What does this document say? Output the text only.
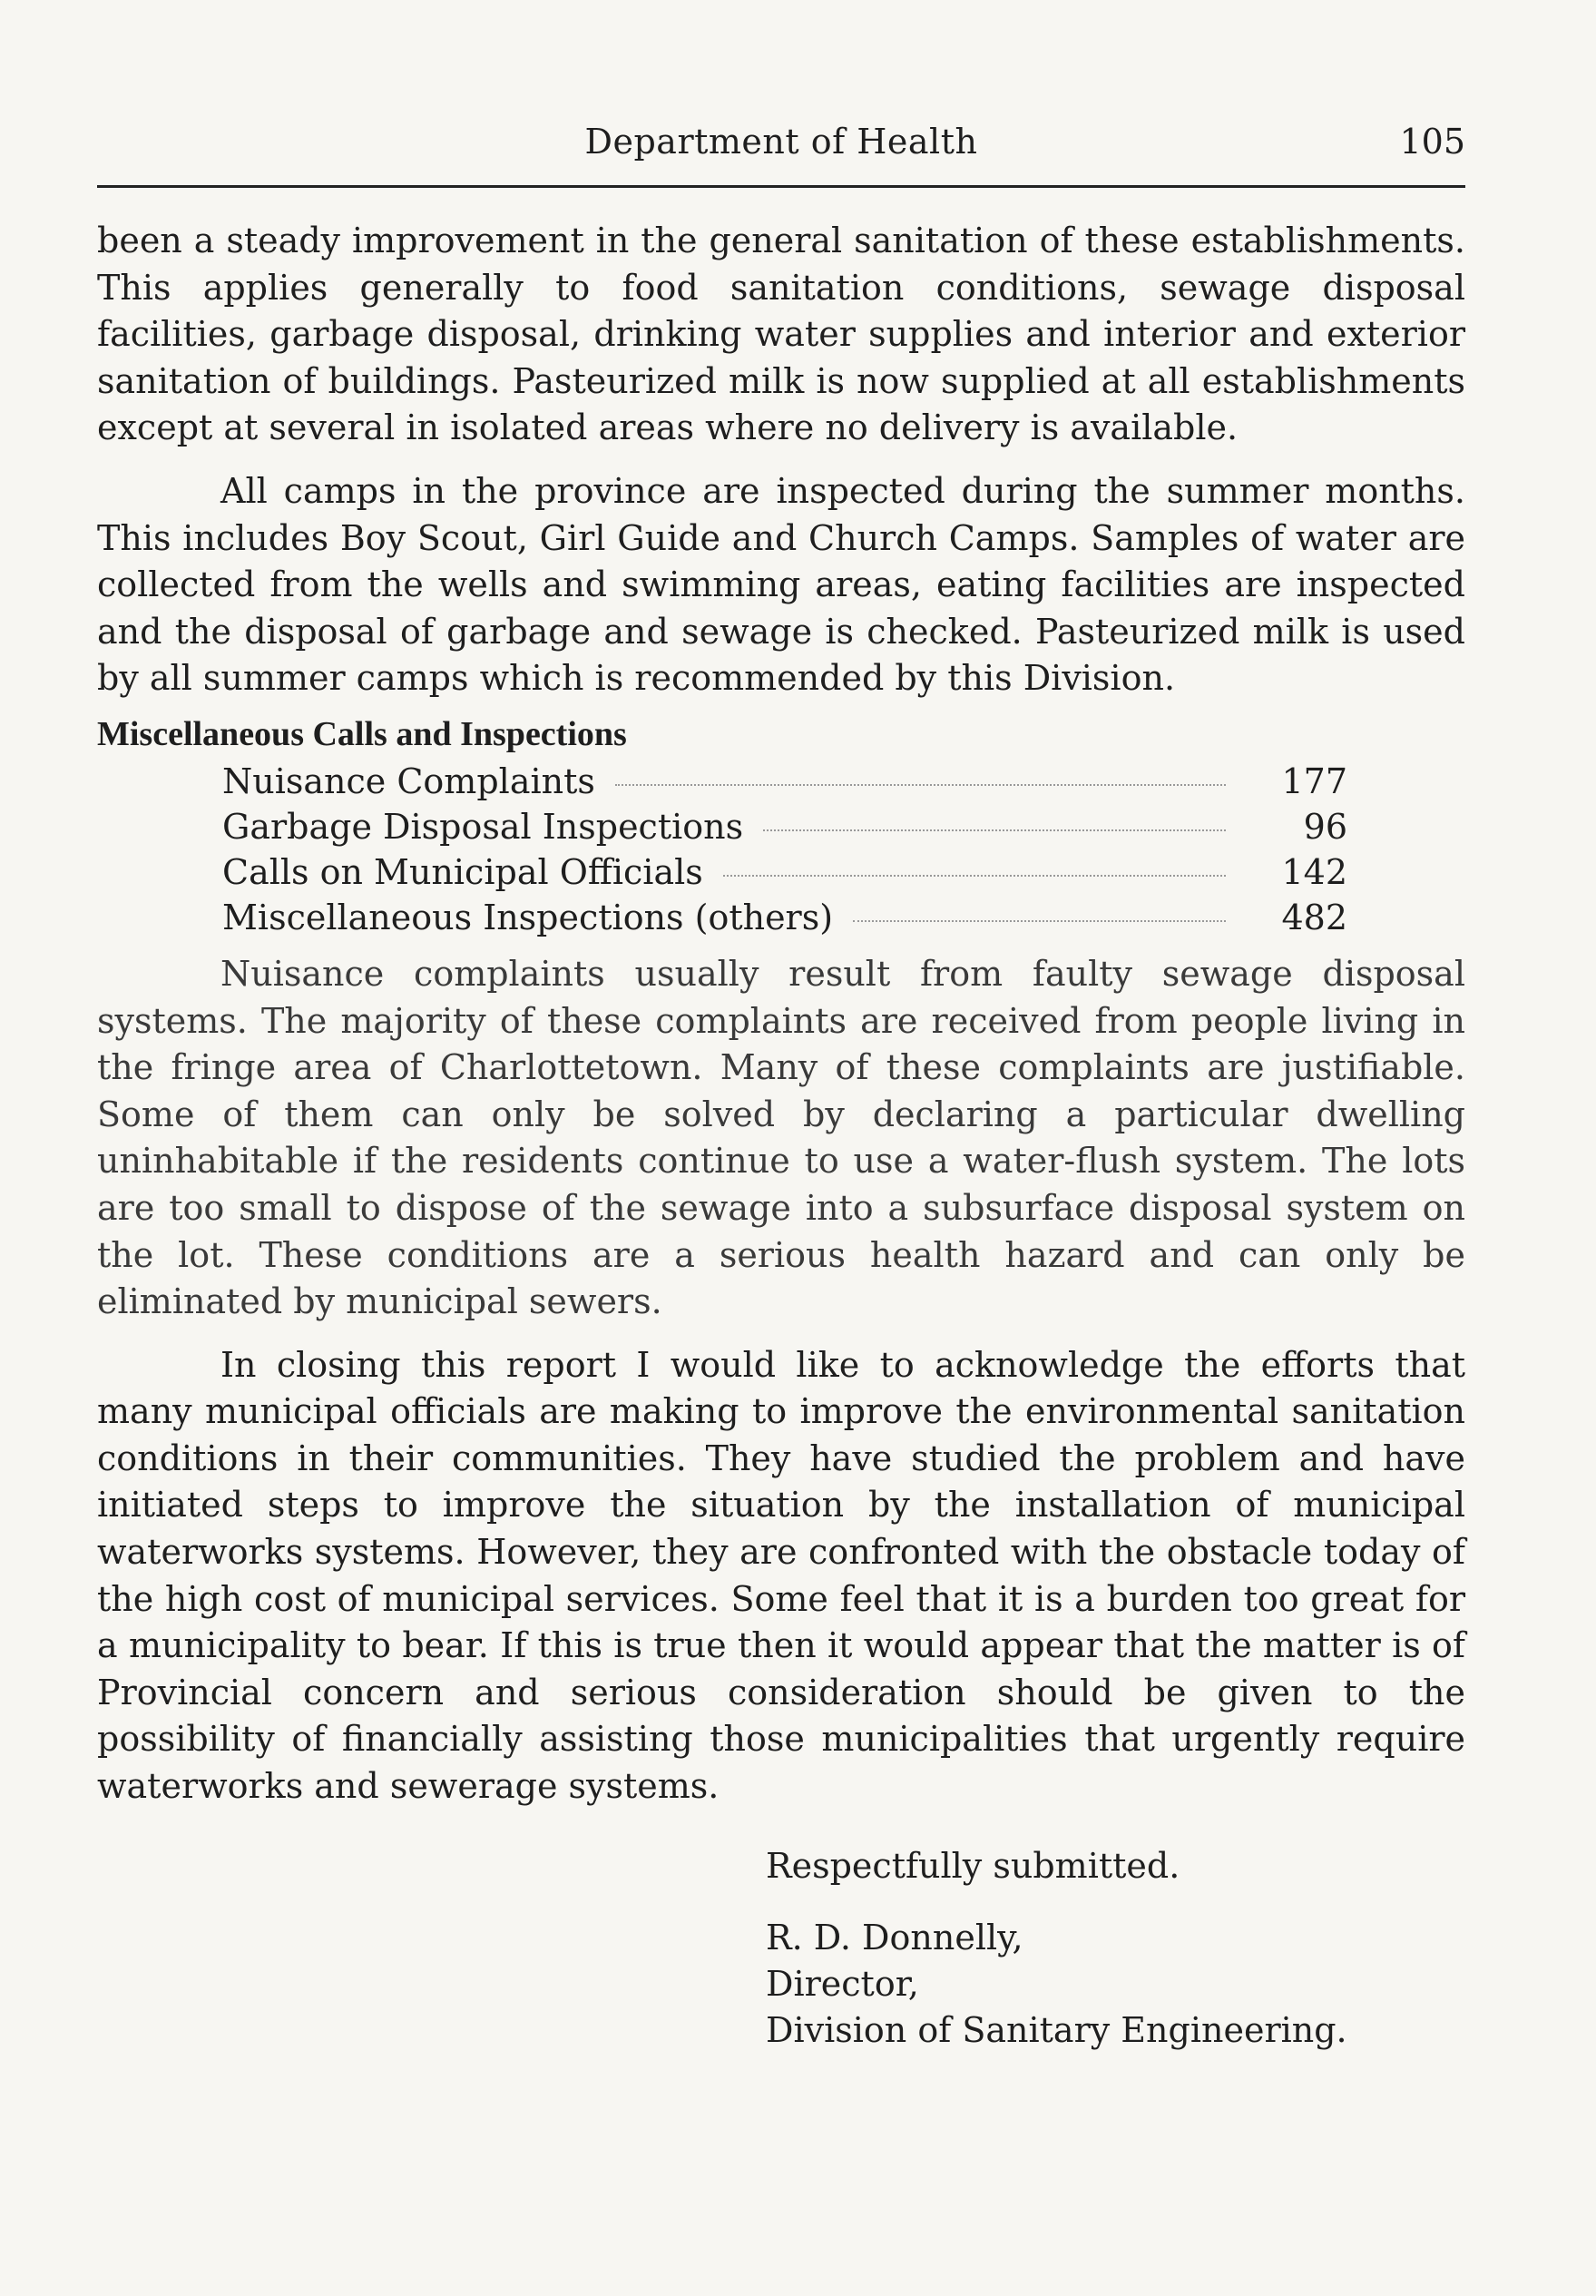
Department of Health	105

been a steady improvement in the general sanitation of these establishments. This applies generally to food sanitation conditions, sewage disposal facilities, garbage disposal, drinking water supplies and interior and exterior sanitation of buildings. Pasteurized milk is now supplied at all establishments except at several in isolated areas where no delivery is available.

All camps in the province are inspected during the summer months. This includes Boy Scout, Girl Guide and Church Camps. Samples of water are collected from the wells and swimming areas, eating facilities are inspected and the disposal of garbage and sewage is checked. Pasteurized milk is used by all summer camps which is recommended by this Division.

Miscellaneous Calls and Inspections
Nuisance Complaints	177
Garbage Disposal Inspections	96
Calls on Municipal Officials	142
Miscellaneous Inspections (others)	482

Nuisance complaints usually result from faulty sewage disposal systems. The majority of these complaints are received from people living in the fringe area of Charlottetown. Many of these complaints are justifiable. Some of them can only be solved by declaring a particular dwelling uninhabitable if the residents continue to use a water-flush system. The lots are too small to dispose of the sewage into a subsurface disposal system on the lot. These conditions are a serious health hazard and can only be eliminated by municipal sewers.

In closing this report I would like to acknowledge the efforts that many municipal officials are making to improve the environmental sanitation conditions in their communities. They have studied the problem and have initiated steps to improve the situation by the installation of municipal waterworks systems. However, they are confronted with the obstacle today of the high cost of municipal services. Some feel that it is a burden too great for a municipality to bear. If this is true then it would appear that the matter is of Provincial concern and serious consideration should be given to the possibility of financially assisting those municipalities that urgently require waterworks and sewerage systems.

Respectfully submitted.
R. D. Donnelly,
Director,
Division of Sanitary Engineering.
